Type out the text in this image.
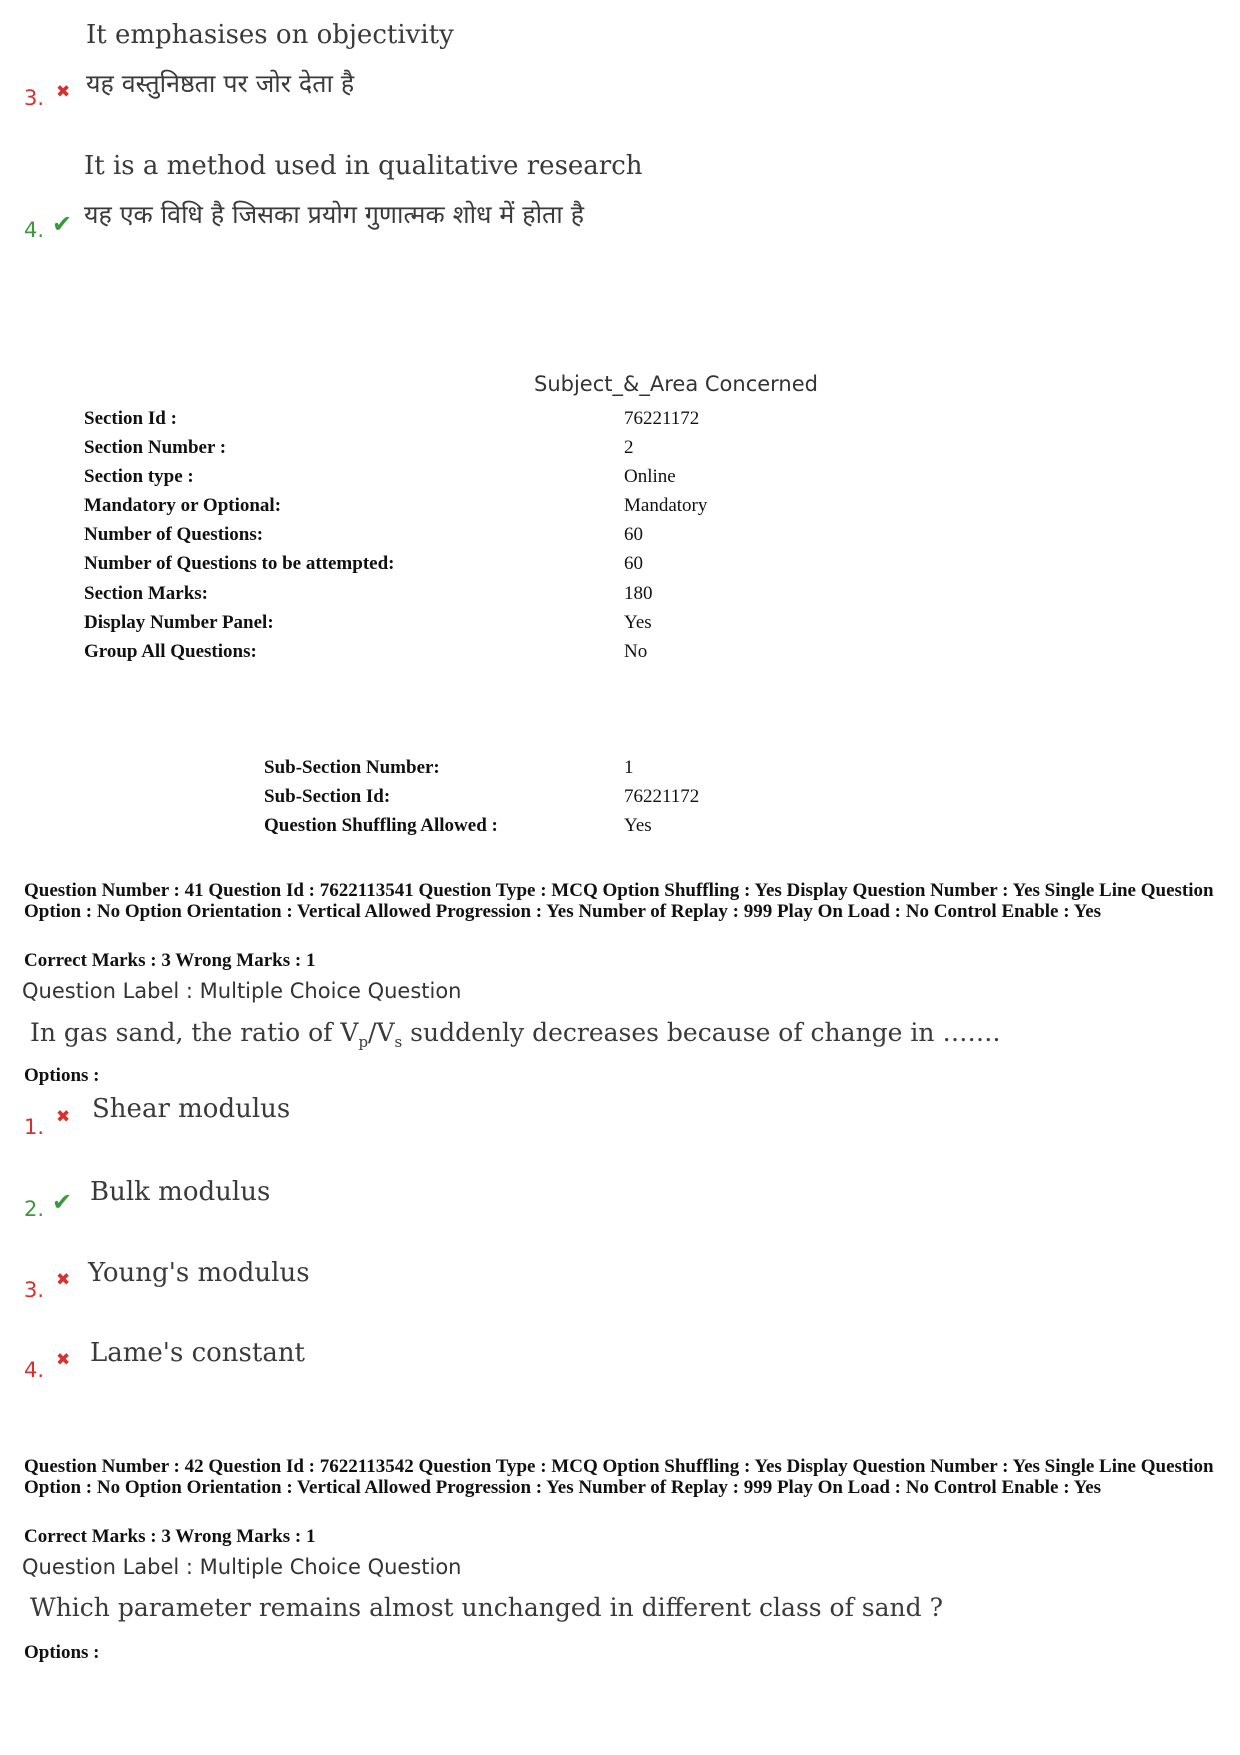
It emphasises on objectivity
3. ✖ यह वस्तुनिष्ठता पर जोर देता है
It is a method used in qualitative research
4. ✔ यह एक विधि है जिसका प्रयोग गुणात्मक शोध में होता है
Subject_&_Area Concerned
Section Id :	76221172
Section Number :	2
Section type :	Online
Mandatory or Optional:	Mandatory
Number of Questions:	60
Number of Questions to be attempted:	60
Section Marks:	180
Display Number Panel:	Yes
Group All Questions:	No
Sub-Section Number:	1
Sub-Section Id:	76221172
Question Shuffling Allowed :	Yes
Question Number : 41 Question Id : 7622113541 Question Type : MCQ Option Shuffling : Yes Display Question Number : Yes Single Line Question Option : No Option Orientation : Vertical Allowed Progression : Yes Number of Replay : 999 Play On Load : No Control Enable : Yes
Correct Marks : 3 Wrong Marks : 1
Question Label : Multiple Choice Question
In gas sand, the ratio of $V_p/V_s$ suddenly decreases because of change in …….
Options :
1. ✖ Shear modulus
2. ✔ Bulk modulus
3. ✖ Young's modulus
4. ✖ Lame's constant
Question Number : 42 Question Id : 7622113542 Question Type : MCQ Option Shuffling : Yes Display Question Number : Yes Single Line Question Option : No Option Orientation : Vertical Allowed Progression : Yes Number of Replay : 999 Play On Load : No Control Enable : Yes
Correct Marks : 3 Wrong Marks : 1
Question Label : Multiple Choice Question
Which parameter remains almost unchanged in different class of sand ?
Options :
